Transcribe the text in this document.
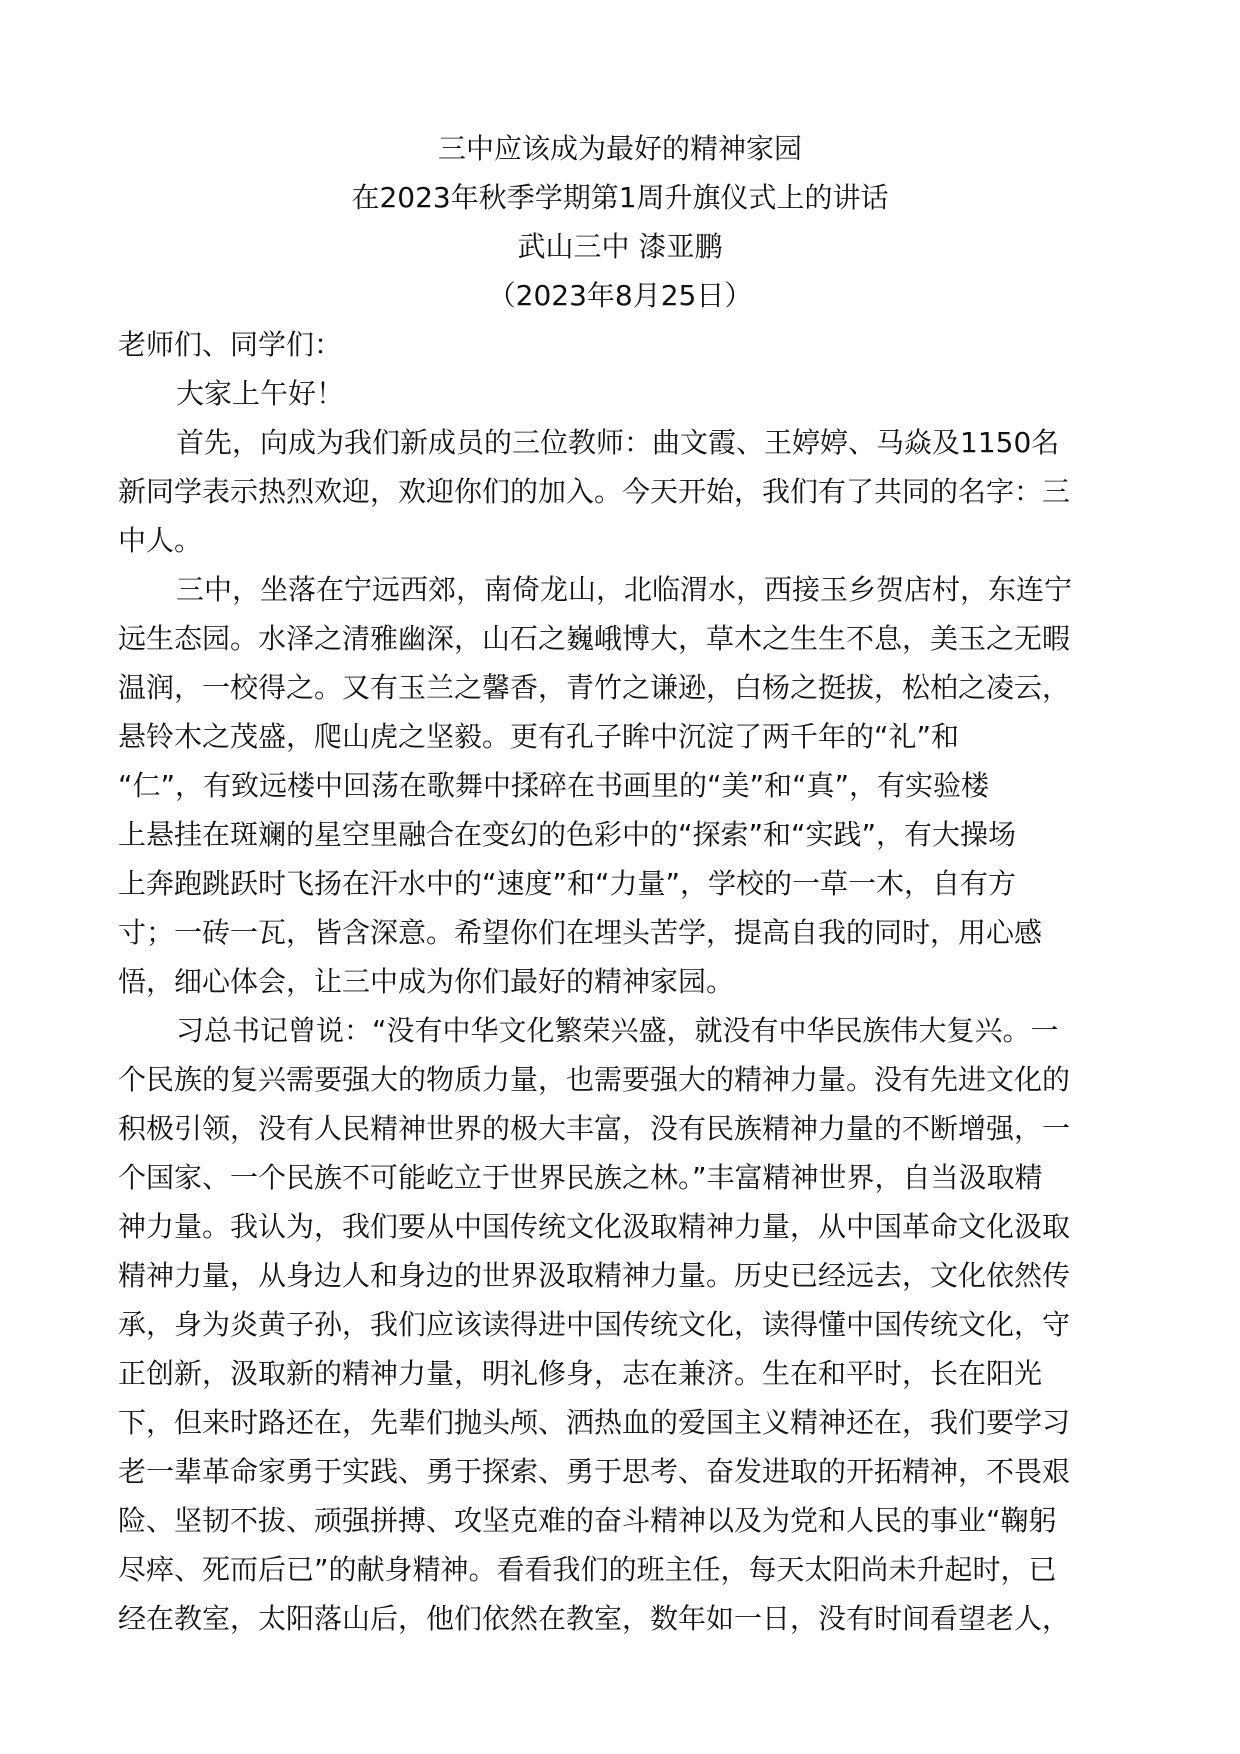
三中应该成为最好的精神家园
在2023年秋季学期第1周升旗仪式上的讲话
武山三中 漆亚鹏
（2023年8月25日）
老师们、同学们：
大家上午好！
首先，向成为我们新成员的三位教师：曲文霞、王婷婷、马焱及1150名
新同学表示热烈欢迎，欢迎你们的加入。今天开始，我们有了共同的名字：三
中人。
三中，坐落在宁远西郊，南倚龙山，北临渭水，西接玉乡贺店村，东连宁
远生态园。水泽之清雅幽深，山石之巍峨博大，草木之生生不息，美玉之无暇
温润，一校得之。又有玉兰之馨香，青竹之谦逊，白杨之挺拔，松柏之凌云，
悬铃木之茂盛，爬山虎之坚毅。更有孔子眸中沉淀了两千年的“礼”和
“仁”，有致远楼中回荡在歌舞中揉碎在书画里的“美”和“真”，有实验楼
上悬挂在斑斓的星空里融合在变幻的色彩中的“探索”和“实践”，有大操场
上奔跑跳跃时飞扬在汗水中的“速度”和“力量”，学校的一草一木，自有方
寸；一砖一瓦，皆含深意。希望你们在埋头苦学，提高自我的同时，用心感
悟，细心体会，让三中成为你们最好的精神家园。
习总书记曾说：“没有中华文化繁荣兴盛，就没有中华民族伟大复兴。一
个民族的复兴需要强大的物质力量，也需要强大的精神力量。没有先进文化的
积极引领，没有人民精神世界的极大丰富，没有民族精神力量的不断增强，一
个国家、一个民族不可能屹立于世界民族之林。”丰富精神世界，自当汲取精
神力量。我认为，我们要从中国传统文化汲取精神力量，从中国革命文化汲取
精神力量，从身边人和身边的世界汲取精神力量。历史已经远去，文化依然传
承，身为炎黄子孙，我们应该读得进中国传统文化，读得懂中国传统文化，守
正创新，汲取新的精神力量，明礼修身，志在兼济。生在和平时，长在阳光
下，但来时路还在，先辈们抛头颅、洒热血的爱国主义精神还在，我们要学习
老一辈革命家勇于实践、勇于探索、勇于思考、奋发进取的开拓精神，不畏艰
险、坚韧不拔、顽强拼搏、攻坚克难的奋斗精神以及为党和人民的事业“鞠躬
尽瘁、死而后已”的献身精神。看看我们的班主任，每天太阳尚未升起时，已
经在教室，太阳落山后，他们依然在教室，数年如一日，没有时间看望老人，
